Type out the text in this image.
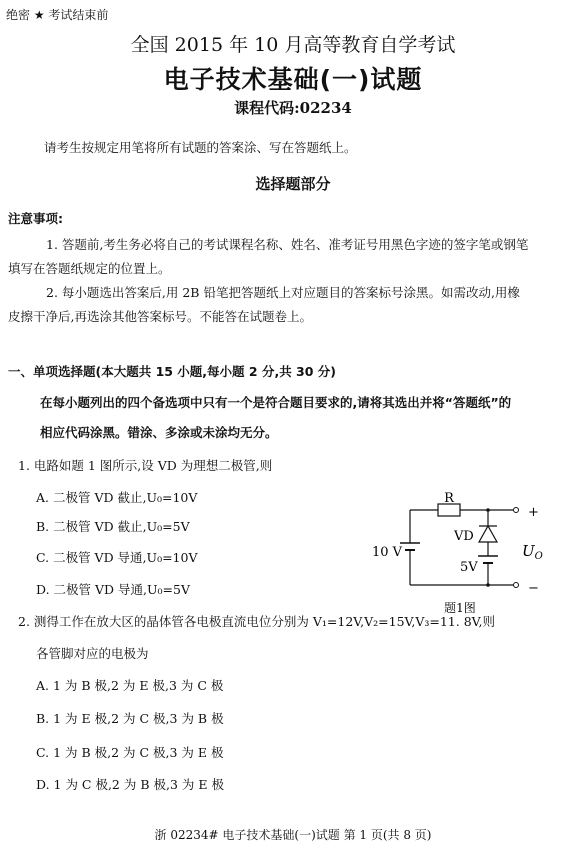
绝密 ★ 考试结束前
全国 2015 年 10 月高等教育自学考试
电子技术基础(一)试题
课程代码:02234
请考生按规定用笔将所有试题的答案涂、写在答题纸上。
选择题部分
注意事项:
1. 答题前,考生务必将自己的考试课程名称、姓名、准考证号用黑色字迹的签字笔或钢笔
填写在答题纸规定的位置上。
2. 每小题选出答案后,用 2B 铅笔把答题纸上对应题目的答案标号涂黑。如需改动,用橡
皮擦干净后,再选涂其他答案标号。不能答在试题卷上。
一、单项选择题(本大题共 15 小题,每小题 2 分,共 30 分)
在每小题列出的四个备选项中只有一个是符合题目要求的,请将其选出并将“答题纸”的
相应代码涂黑。错涂、多涂或未涂均无分。
1. 电路如题 1 图所示,设 VD 为理想二极管,则
A. 二极管 VD 截止,U₀=10V
B. 二极管 VD 截止,U₀=5V
C. 二极管 VD 导通,U₀=10V
D. 二极管 VD 导通,U₀=5V
R
VD
10 V
5V
+
−
$U_O$
题1图
2. 测得工作在放大区的晶体管各电极直流电位分别为 V₁=12V,V₂=15V,V₃=11. 8V,则
各管脚对应的电极为
A. 1 为 B 极,2 为 E 极,3 为 C 极
B. 1 为 E 极,2 为 C 极,3 为 B 极
C. 1 为 B 极,2 为 C 极,3 为 E 极
D. 1 为 C 极,2 为 B 极,3 为 E 极
浙 02234# 电子技术基础(一)试题 第 1 页(共 8 页)
